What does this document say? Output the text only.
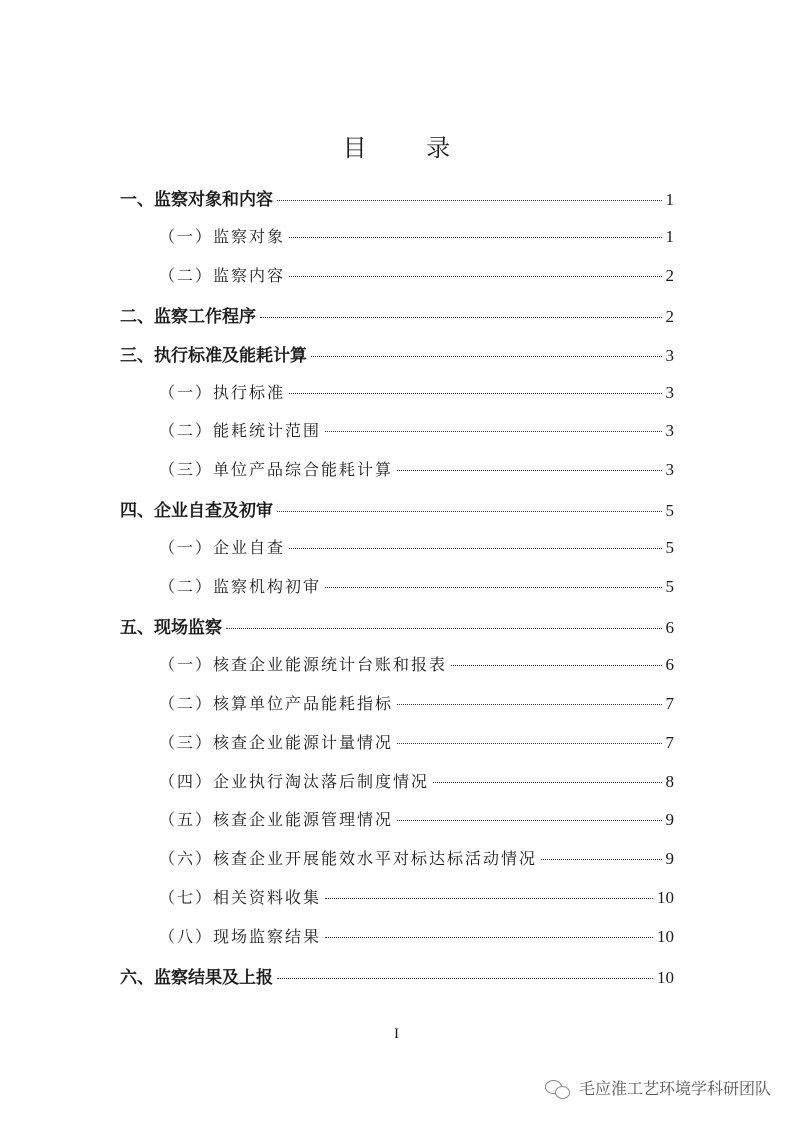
目 录
一、监察对象和内容	1
（一）监察对象	1
（二）监察内容	2
二、监察工作程序	2
三、执行标准及能耗计算	3
（一）执行标准	3
（二）能耗统计范围	3
（三）单位产品综合能耗计算	3
四、企业自查及初审	5
（一）企业自查	5
（二）监察机构初审	5
五、现场监察	6
（一）核查企业能源统计台账和报表	6
（二）核算单位产品能耗指标	7
（三）核查企业能源计量情况	7
（四）企业执行淘汰落后制度情况	8
（五）核查企业能源管理情况	9
（六）核查企业开展能效水平对标达标活动情况	9
（七）相关资料收集	10
（八）现场监察结果	10
六、监察结果及上报	10
I
毛应淮工艺环境学科研团队
